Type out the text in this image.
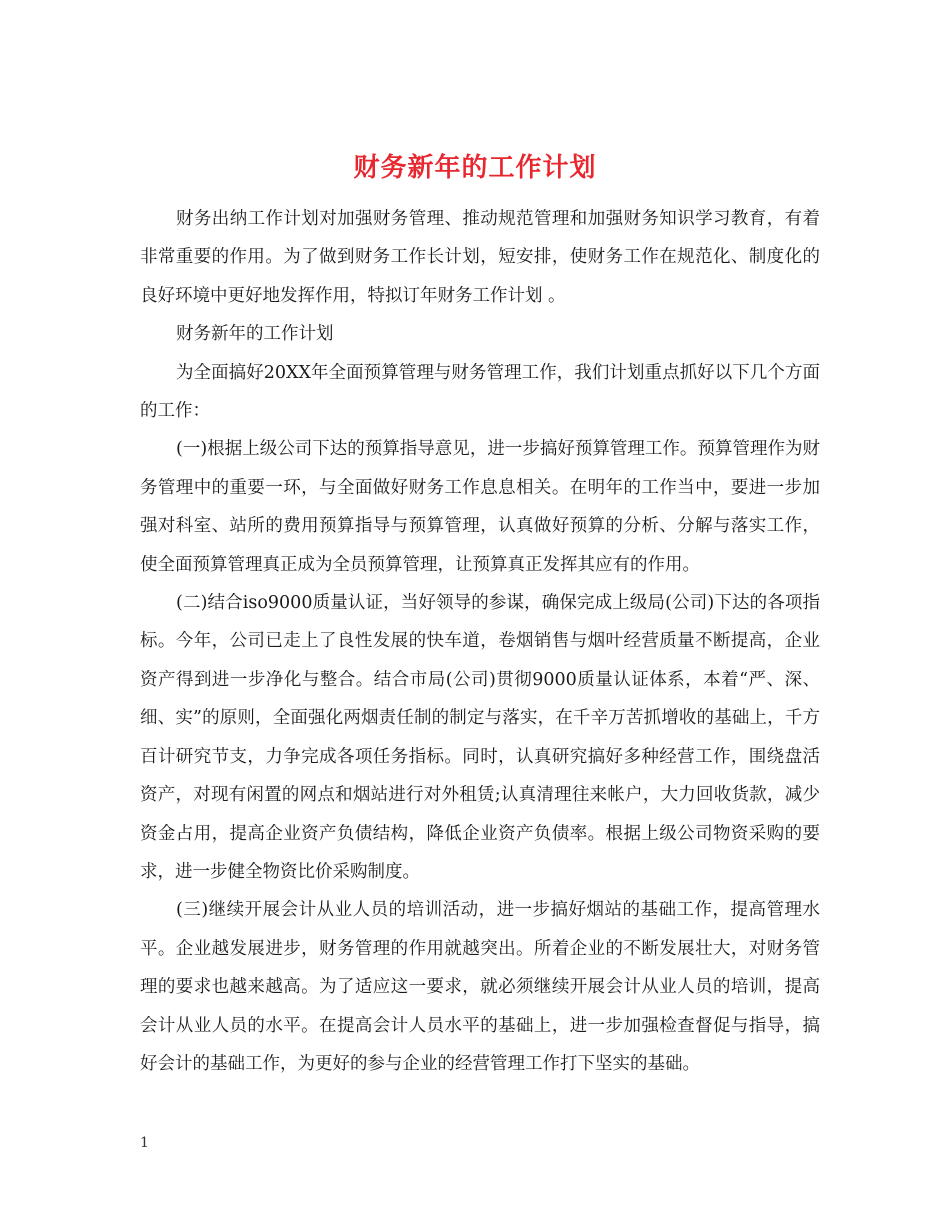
财务新年的工作计划

财务出纳工作计划对加强财务管理、推动规范管理和加强财务知识学习教育，有着非常重要的作用。为了做到财务工作长计划，短安排，使财务工作在规范化、制度化的良好环境中更好地发挥作用，特拟订年财务工作计划 。

财务新年的工作计划

为全面搞好20XX年全面预算管理与财务管理工作，我们计划重点抓好以下几个方面的工作：

(一)根据上级公司下达的预算指导意见，进一步搞好预算管理工作。预算管理作为财务管理中的重要一环，与全面做好财务工作息息相关。在明年的工作当中，要进一步加强对科室、站所的费用预算指导与预算管理，认真做好预算的分析、分解与落实工作，使全面预算管理真正成为全员预算管理，让预算真正发挥其应有的作用。

(二)结合iso9000质量认证，当好领导的参谋，确保完成上级局(公司)下达的各项指标。今年，公司已走上了良性发展的快车道，卷烟销售与烟叶经营质量不断提高，企业资产得到进一步净化与整合。结合市局(公司)贯彻9000质量认证体系，本着“严、深、细、实”的原则，全面强化两烟责任制的制定与落实，在千辛万苦抓增收的基础上，千方百计研究节支，力争完成各项任务指标。同时，认真研究搞好多种经营工作，围绕盘活资产，对现有闲置的网点和烟站进行对外租赁;认真清理往来帐户，大力回收货款，减少资金占用，提高企业资产负债结构，降低企业资产负债率。根据上级公司物资采购的要求，进一步健全物资比价采购制度。

(三)继续开展会计从业人员的培训活动，进一步搞好烟站的基础工作，提高管理水平。企业越发展进步，财务管理的作用就越突出。所着企业的不断发展壮大，对财务管理的要求也越来越高。为了适应这一要求，就必须继续开展会计从业人员的培训，提高会计从业人员的水平。在提高会计人员水平的基础上，进一步加强检查督促与指导，搞好会计的基础工作，为更好的参与企业的经营管理工作打下坚实的基础。

1
